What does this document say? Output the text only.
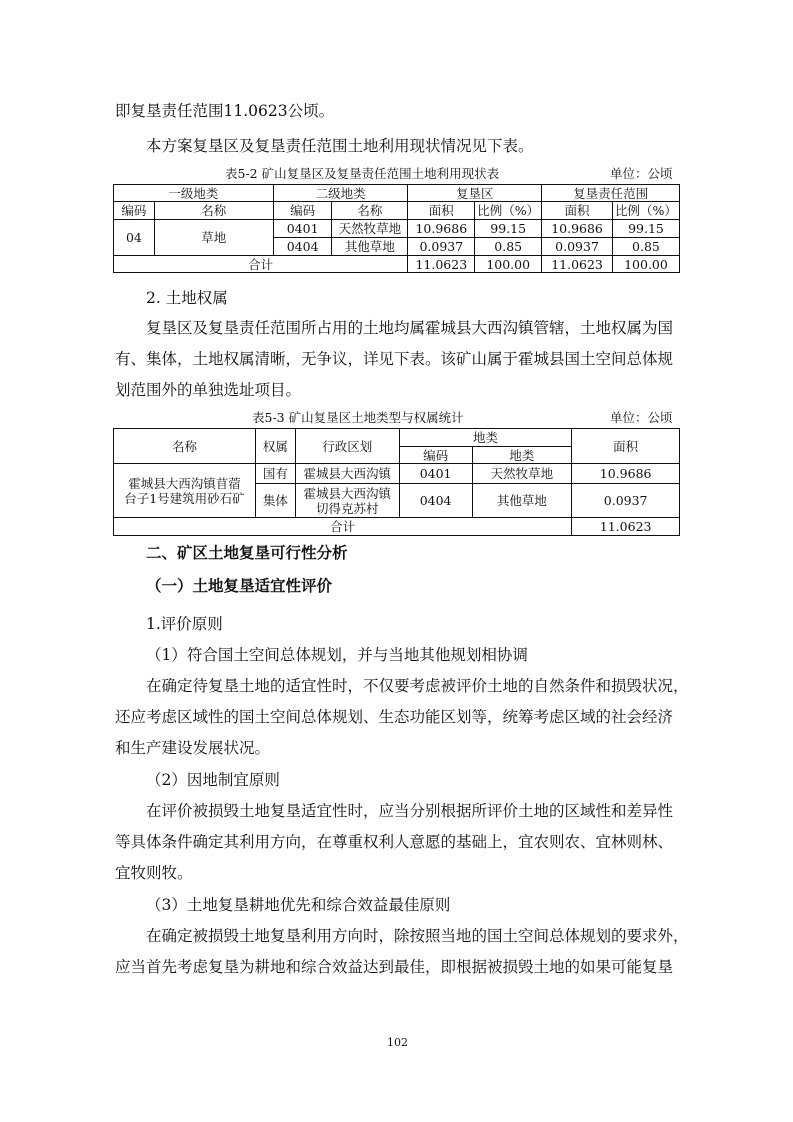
即复垦责任范围11.0623公顷。
本方案复垦区及复垦责任范围土地利用现状情况见下表。
表5-2 矿山复垦区及复垦责任范围土地利用现状表	单位：公顷
一级地类		二级地类		复垦区		复垦责任范围	
编码	名称	编码	名称	面积	比例（%）	面积	比例（%）
04	草地	0401	天然牧草地	10.9686	99.15	10.9686	99.15
		0404	其他草地	0.0937	0.85	0.0937	0.85
合计				11.0623	100.00	11.0623	100.00
2. 土地权属
复垦区及复垦责任范围所占用的土地均属霍城县大西沟镇管辖，土地权属为国
有、集体，土地权属清晰，无争议，详见下表。该矿山属于霍城县国土空间总体规
划范围外的单独选址项目。
表5-3 矿山复垦区土地类型与权属统计	单位：公顷
名称	权属	行政区划	地类		面积
			编码	地类	

霍城县大西沟镇苜蓿
台子1号建筑用砂石矿	国有	霍城县大西沟镇	0401	天然牧草地	10.9686
	集体	霍城县大西沟镇
切得克苏村	0404	其他草地	0.0937
合计					11.0623
二、矿区土地复垦可行性分析
（一）土地复垦适宜性评价
1.评价原则
（1）符合国土空间总体规划，并与当地其他规划相协调
在确定待复垦土地的适宜性时，不仅要考虑被评价土地的自然条件和损毁状况，
还应考虑区域性的国土空间总体规划、生态功能区划等，统筹考虑区域的社会经济
和生产建设发展状况。
（2）因地制宜原则
在评价被损毁土地复垦适宜性时，应当分别根据所评价土地的区域性和差异性
等具体条件确定其利用方向，在尊重权利人意愿的基础上，宜农则农、宜林则林、
宜牧则牧。
（3）土地复垦耕地优先和综合效益最佳原则
在确定被损毁土地复垦利用方向时，除按照当地的国土空间总体规划的要求外，
应当首先考虑复垦为耕地和综合效益达到最佳，即根据被损毁土地的如果可能复垦
102
